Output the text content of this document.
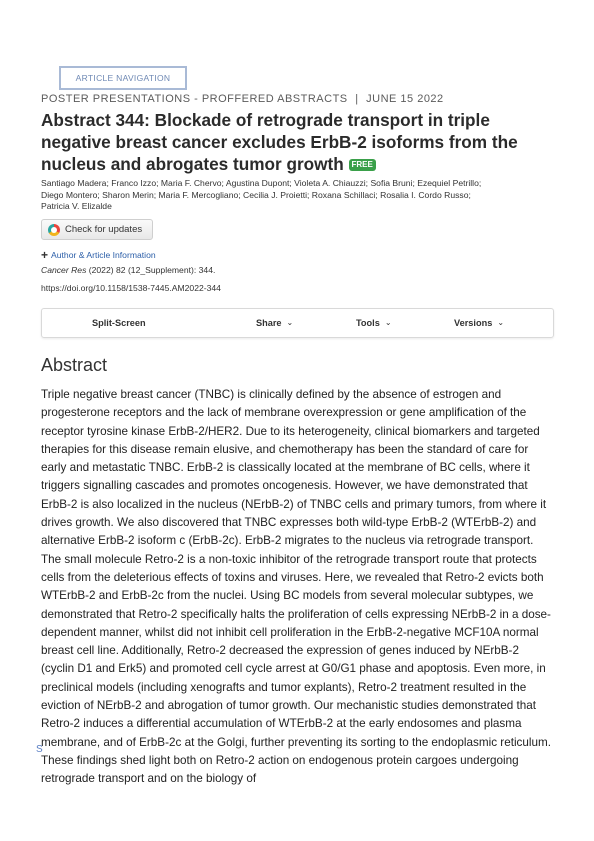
ARTICLE NAVIGATION
POSTER PRESENTATIONS - PROFFERED ABSTRACTS | JUNE 15 2022
Abstract 344: Blockade of retrograde transport in triple negative breast cancer excludes ErbB-2 isoforms from the nucleus and abrogates tumor growth FREE
Santiago Madera; Franco Izzo; Maria F. Chervo; Agustina Dupont; Violeta A. Chiauzzi; Sofia Bruni; Ezequiel Petrillo;
Diego Montero; Sharon Merin; Maria F. Mercogliano; Cecilia J. Proietti; Roxana Schillaci; Rosalia I. Cordo Russo;
Patricia V. Elizalde
Check for updates
+ Author & Article Information
Cancer Res (2022) 82 (12_Supplement): 344.
https://doi.org/10.1158/1538-7445.AM2022-344
Split-Screen	Share ⌄	Tools ⌄	Versions ⌄
Abstract

Triple negative breast cancer (TNBC) is clinically defined by the absence of estrogen and progesterone receptors and the lack of membrane overexpression or gene amplification of the receptor tyrosine kinase ErbB-2/HER2. Due to its heterogeneity, clinical biomarkers and targeted therapies for this disease remain elusive, and chemotherapy has been the standard of care for early and metastatic TNBC. ErbB-2 is classically located at the membrane of BC cells, where it triggers signalling cascades and promotes oncogenesis. However, we have demonstrated that ErbB-2 is also localized in the nucleus (NErbB-2) of TNBC cells and primary tumors, from where it drives growth. We also discovered that TNBC expresses both wild-type ErbB-2 (WTErbB-2) and alternative ErbB-2 isoform c (ErbB-2c). ErbB-2 migrates to the nucleus via retrograde transport. The small molecule Retro-2 is a non-toxic inhibitor of the retrograde transport route that protects cells from the deleterious effects of toxins and viruses. Here, we revealed that Retro-2 evicts both WTErbB-2 and ErbB-2c from the nuclei. Using BC models from several molecular subtypes, we demonstrated that Retro-2 specifically halts the proliferation of cells expressing NErbB-2 in a dose-dependent manner, whilst did not inhibit cell proliferation in the ErbB-2-negative MCF10A normal breast cell line. Additionally, Retro-2 decreased the expression of genes induced by NErbB-2 (cyclin D1 and Erk5) and promoted cell cycle arrest at G0/G1 phase and apoptosis. Even more, in preclinical models (including xenografts and tumor explants), Retro-2 treatment resulted in the eviction of NErbB-2 and abrogation of tumor growth. Our mechanistic studies demonstrated that Retro-2 induces a differential accumulation of WTErbB-2 at the early endosomes and plasma membrane, and of ErbB-2c at the Golgi, further preventing its sorting to the endoplasmic reticulum. These findings shed light both on Retro-2 action on endogenous protein cargoes undergoing retrograde transport and on the biology of

S
